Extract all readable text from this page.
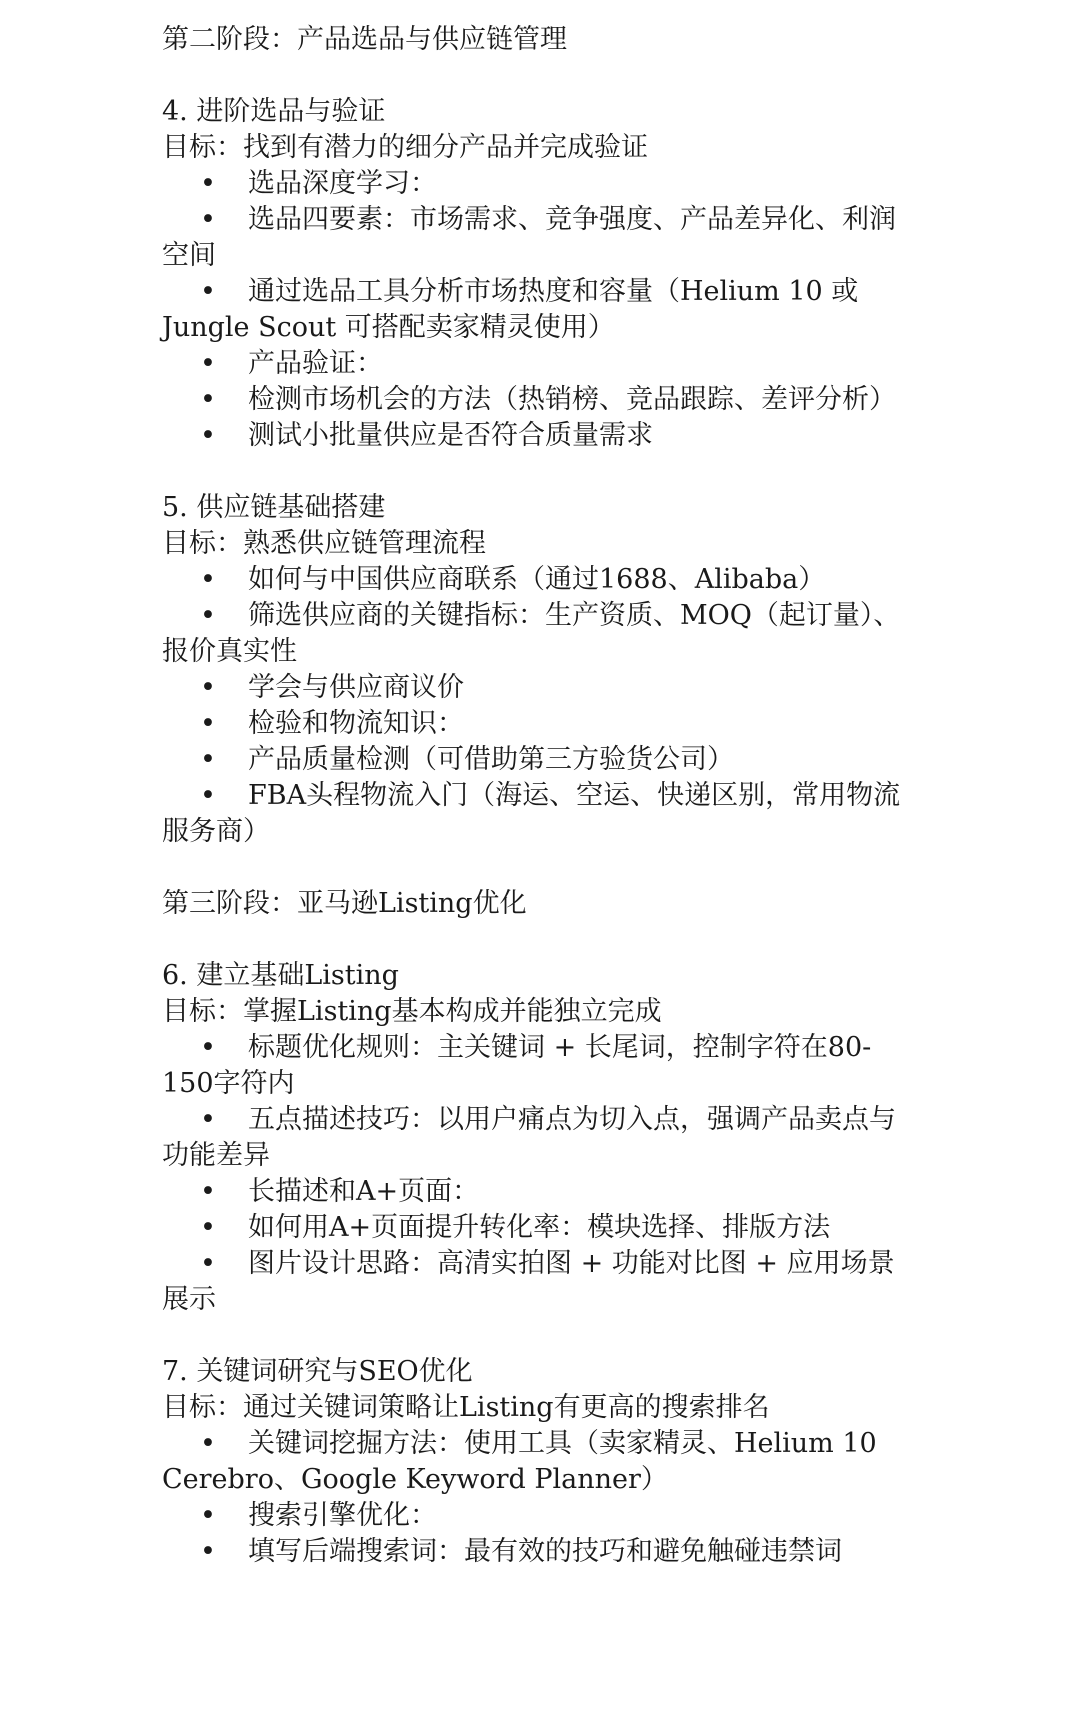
第二阶段：产品选品与供应链管理

4. 进阶选品与验证

目标：找到有潜力的细分产品并完成验证

• 选品深度学习：

• 选品四要素：市场需求、竞争强度、产品差异化、利润空间

• 通过选品工具分析市场热度和容量（Helium 10 或 Jungle Scout 可搭配卖家精灵使用）

• 产品验证：

• 检测市场机会的方法（热销榜、竞品跟踪、差评分析）

• 测试小批量供应是否符合质量需求

5. 供应链基础搭建

目标：熟悉供应链管理流程

• 如何与中国供应商联系（通过1688、Alibaba）

• 筛选供应商的关键指标：生产资质、MOQ（起订量）、报价真实性

• 学会与供应商议价

• 检验和物流知识：

• 产品质量检测（可借助第三方验货公司）

• FBA头程物流入门（海运、空运、快递区别，常用物流服务商）

第三阶段：亚马逊Listing优化

6. 建立基础Listing

目标：掌握Listing基本构成并能独立完成

• 标题优化规则：主关键词 + 长尾词，控制字符在80-150字符内

• 五点描述技巧：以用户痛点为切入点，强调产品卖点与功能差异

• 长描述和A+页面：

• 如何用A+页面提升转化率：模块选择、排版方法

• 图片设计思路：高清实拍图 + 功能对比图 + 应用场景展示

7. 关键词研究与SEO优化

目标：通过关键词策略让Listing有更高的搜索排名

• 关键词挖掘方法：使用工具（卖家精灵、Helium 10 Cerebro、Google Keyword Planner）

• 搜索引擎优化：

• 填写后端搜索词：最有效的技巧和避免触碰违禁词
